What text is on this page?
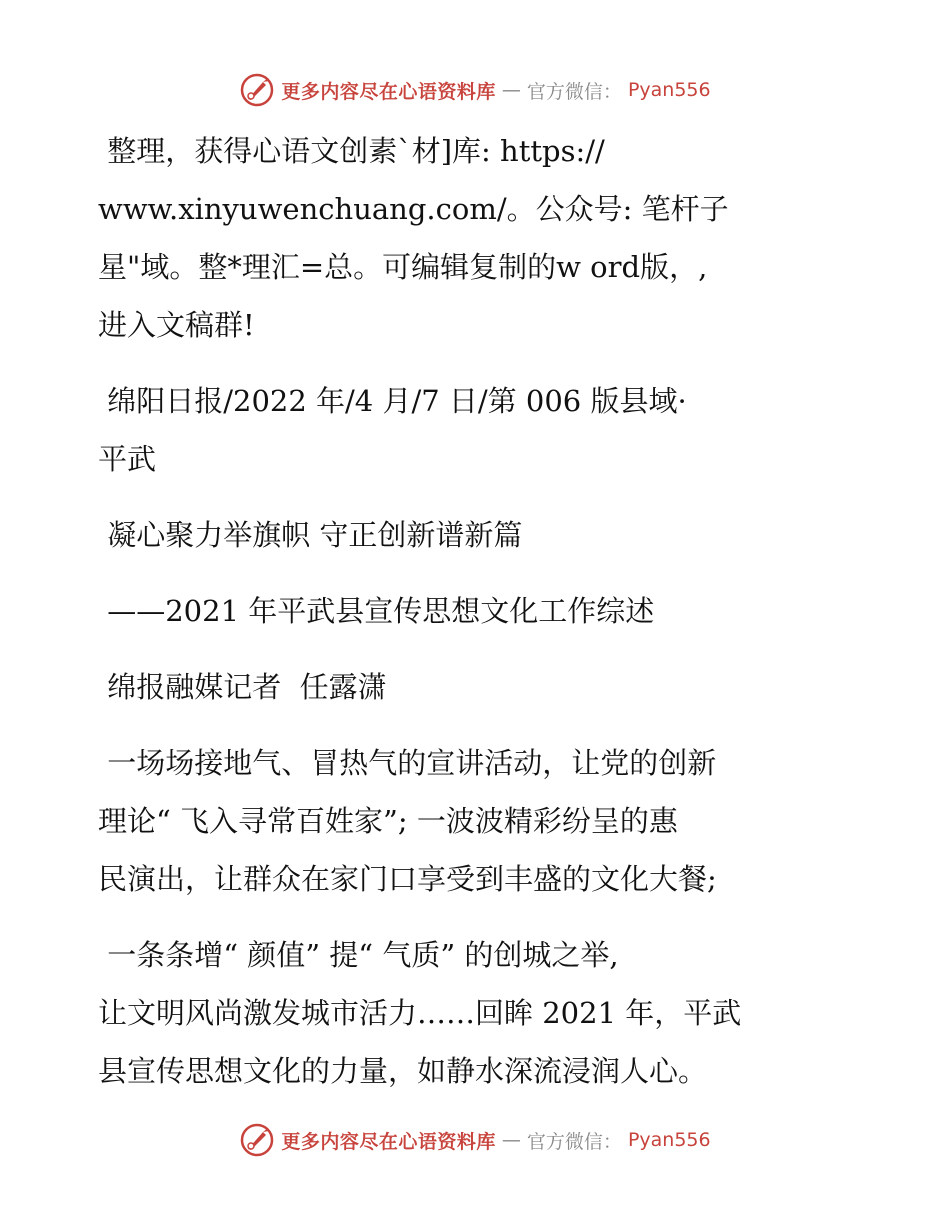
更多内容尽在心语资料库 — 官方微信： Pyan556

整理，获得心语文创素`材]库: https://
www.xinyuwenchuang.com/。公众号: 笔杆子
星"域。整*理汇=总。可编辑复制的w ord版，,
进入文稿群!

绵阳日报/2022 年/4 月/7 日/第 006 版县域·
平武

凝心聚力举旗帜 守正创新谱新篇

——2021 年平武县宣传思想文化工作综述

绵报融媒记者  任露潇

一场场接地气、冒热气的宣讲活动，让党的创新
理论“ 飞入寻常百姓家”; 一波波精彩纷呈的惠
民演出，让群众在家门口享受到丰盛的文化大餐;

一条条增“ 颜值” 提“ 气质” 的创城之举,
让文明风尚激发城市活力……回眸 2021 年，平武
县宣传思想文化的力量，如静水深流浸润人心。

更多内容尽在心语资料库 — 官方微信： Pyan556
